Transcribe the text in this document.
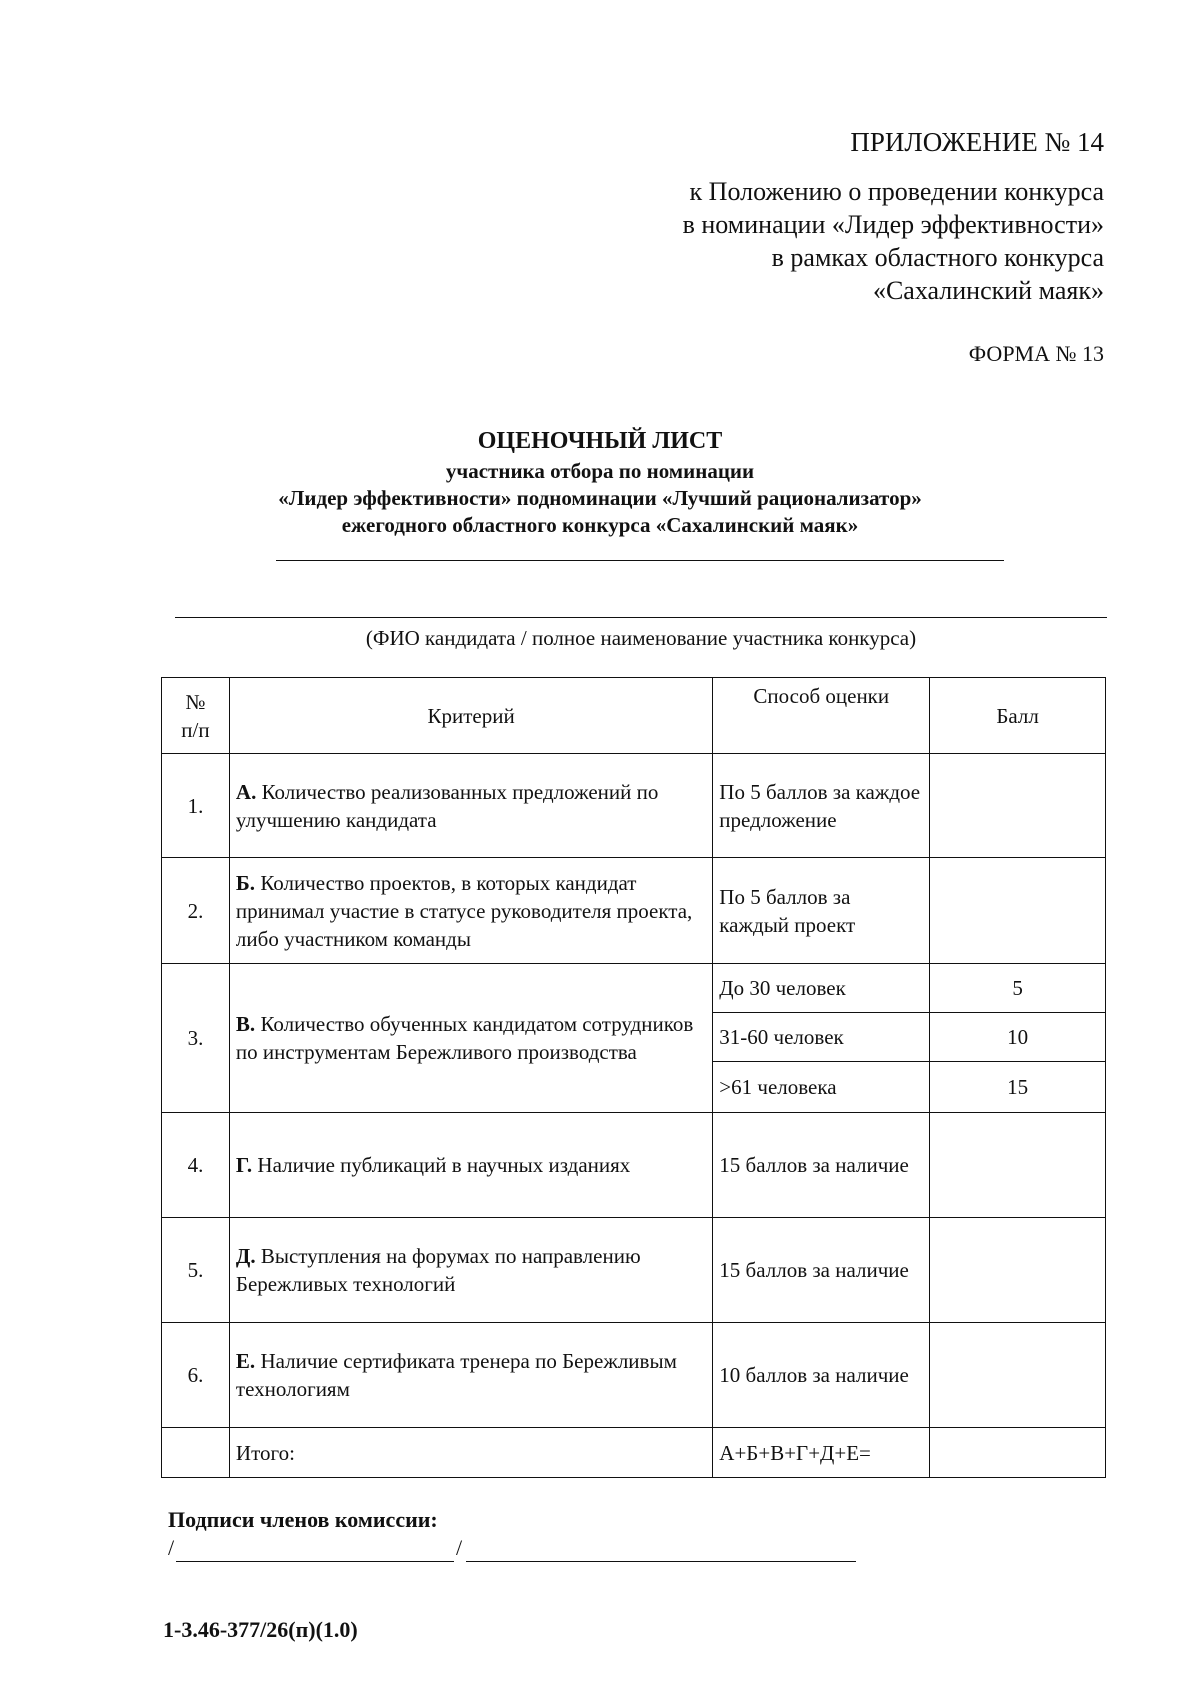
ПРИЛОЖЕНИЕ № 14
к Положению о проведении конкурса
в номинации «Лидер эффективности»
в рамках областного конкурса
«Сахалинский маяк»
ФОРМА № 13
ОЦЕНОЧНЫЙ ЛИСТ
участника отбора по номинации
«Лидер эффективности» подноминации «Лучший рационализатор»
ежегодного областного конкурса «Сахалинский маяк»
(ФИО кандидата / полное наименование участника конкурса)
№
п/п	Критерий	Способ оценки	Балл
1.	А. Количество реализованных предложений по улучшению кандидата	По 5 баллов за каждое предложение	
2.	Б. Количество проектов, в которых кандидат принимал участие в статусе руководителя проекта, либо участником команды	По 5 баллов за каждый проект	
3.	В. Количество обученных кандидатом сотрудников по инструментам Бережливого производства	До 30 человек	5
		31-60 человек	10
		>61 человека	15
4.	Г. Наличие публикаций в научных изданиях	15 баллов за наличие	
5.	Д. Выступления на форумах по направлению Бережливых технологий	15 баллов за наличие	
6.	Е. Наличие сертификата тренера по Бережливым технологиям	10 баллов за наличие	
	Итого:	А+Б+В+Г+Д+Е=	
Подписи членов комиссии:
/	/
1-3.46-377/26(п)(1.0)
